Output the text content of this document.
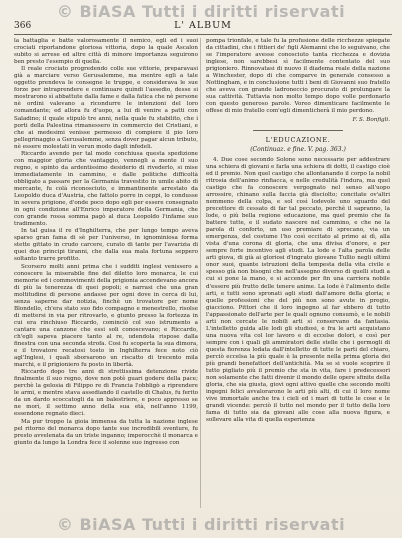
© BiASA Tutti i diritti riservati
366	L' ALBUM

la battaglia e batte valorosamente il nemico, egli ed i suoi crociati riportandone gloriosa vittoria, dopo la quale Ascalon subito si arrese ed altre città di minore importanza seguirono ben presto l'esempio di quella.

Il reale crociato progredendo colle sue vittorie, preparavasi già a marciare verso Gerusalemme, ma mentre egli a tale oggetto prendeva le consegne le truppe, e considerava le sue forze per intraprendere e continuare quindi l'assedio, desse si mostrarono sì abbattute dalla fame e dalla fatica che nè persone nè ordini valevano a ricondurre le intenzioni del loro comandante; ed allora fu d'uopo, a lui di venire a patti con Saladino; il quale stipulò tre anni, nella quale fu stabilito, che i porti della Palestina rimanessero in commercio dei Cristiani, e che ai medesimi venisse permesso di compiere il pio loro pellegrinaggio a Gerusalemme, senza dover pagar alcun tributo, nè essere molestati in verun modo dagli infedeli.

Riccardo avendo per tal modo conchiusa questa spedizione con maggior gloria che vantaggio, vennegli a mente il suo regno, e spinto da ardentissimo desiderio di rivederlo, si mise immediatamente in cammino, e dalle politiche difficoltà obbligato a passare per la Germania travestito in umile abito di mercante, fu colà riconosciuto, e immantinente arrestato da Leopoldo duca d'Austria, che fattolo porre in ceppi, lo condusse in severa prigione, d'onde poco dopo egli per essere consegnato in ogni condizione all'Enrico imperatore della Germania, che con grande rossa somma pagò al duca Leopoldo l'infame suo tradimento.

In tal guisa il re d'Inghilterra, che per lungo tempo aveva sparso gran fama di sè per l'universo, in ignominiosa forma stette gittato in crudo carcere, curato di tante per l'avarizia di quei due principi tiranni, che dalla sua mala fortuna seppero soltanto trarre profitto.

Scorsero molti anni prima che i sudditi inglesi venissero a conoscere la miserabile fine del diletto loro monarca, le cui memorie ed i commovimenti della prigionia accendevano ancora di più la tenerezza di quei popoli; e narrasi che una gran moltitudine di persone andasse per ogni dove in cerca di lui, senza saperne dar notizia, finchè un trovatore per nome Blondello, ch'era stato suo fido compagno e menestrello, risolse di mettersi in via per ritrovarlo, e giunto presso la fortezza in cui era rinchiuso Riccardo, cominciò col suo istrumento a cantare una canzone che essi soli conoscevano; e Riccardo, ch'egli sapeva piacere tanto al re, udendola rispose dalla finestra con una seconda strofa. Cosi fu scoperta la sua dimora, e il trovatore recatosi tosto in Inghilterra fece noto ciò agl'Inglesi, i quali sborsarono un riscatto di trecento mila marchi, e il prigioniero fu posto in libertà.

Riccardo dopo tre anni di strettissima detenzione rivide finalmente il suo regno, dove non potè guari godere della pace; perchè la gelosia di Filippo re di Francia l'obbligò a riprendere le armi, e mentre stava assediando il castello di Chalus, fu ferito da un dardo scoccatogli da un balestriere, e poco appresso se ne morì, il settimo anno della sua età, nell'anno 1199, essendone regnato dieci.

Ma pur troppo la gioia immensa da tutta la nazione inglese pel ritorno del monarca dopo tante sue incredibili sventure, fu presto avvelenata da un triste inganno; imperocchè il monarca e giunto da lungo la Londra fece il solenne suo ingresso con

pompa trionfale, e tale fu la profusione delle ricchezze spiegate da cittadini, che i fittieri de' figli Alemanni che lo seguivano, che se l'imperatore avesse conosciuto tanta ricchezza e dovizia inglese, non sarebbesi sì facilmente contentato del suo prigioniero. Rinnovatasi di nuovo il diadema reale della nazione a Winchester, dopo di che comparve in generale consesso a Nottingham, e in conclusione tutti i beni di Giovanni suo fratello che aveva con grande ladroneccio procurato di prolungare la sua cattività. Tuttavia non molto tempo dopo volle perdonarlo con questo generoso parole. Voreo dimenticare facilmente le offese di mio fratello com'egli dimenticherà il mio perdono.

F. S. Bonfigli.

L'EDUCAZIONE.
(Continuaz. e fine. V. pag. 363.)

4. Due cose secondo Solone sono necessarie per addestrare una schiera di giovani e farla una schiera di dotti, il castigo cioè ed il premio. Non quel castigo che allontanando il corpo la nobil ritrosia dell'animo rinfiacca, e nelle credulità l'indura, ma quel castigo che fa conoscere vergognato nel senso all'uopo arrossire, chinano sulla faccia già disciolto; concitate ov'altri nemmeno della colpa, e sol così lodevole uno sguardo del precettore di cessato di far tal peccato, perchè il sapranno, la lode, o più bella regione educazione, ma quel premio che fa battere tutte, e il sudato nascere nel cammino, e che ne la parola di conforto, un uso premiare di sprecano, via un emergenza, del costume l'ho così eccitato al primo ai dì, alla vista d'una corona di gloria, che una divisa d'onore, e per sempre forte incentivo agli studi. La lode e l'alta parola delle arti giova, di già ai gloriosi d'ingrato giovane Tullio negli ultimi onor suoi, quante istruzioni della tempesta della vita civile e spesso già non bisogni che nell'assegno diverso di quelli studi a cui si pone la mano, e si accende per fin una carriera nobile d'essere più frutto delle tenere anime. La lode è l'alimento delle arti, e tutti sono spronati agli studi dall'amore della gloria; e quelle professioni che del più non sono avute in pregio, giacciono. Pittori che il loro ingegno al far ebbero di tutto l'appassionato dell'arte per le quali ognuno consumò, e le nobili arti non cercate le nobili arti si conservano da fantasia. L'intelletto guida alle lodi gli studiosi, e fra le arti acquistano una nuova vita col lor lavoro e di eccelse dolori, e così per sempre con i quali gli ammiratori delle stelle che i germogli di questa fiorenza lodata dall'intelletto di tutte le parti del chiaro, perciò eccelsa la più quale è la presente nella prima gloria dei più grandi benefattori dell'antichità. Ma se si vuole scoprire il tutto pigliato più il premio che sta in vita, fare i predecessori non solamente che fatti divenir il mondo delle opere sfinite della gloria, che sia giusta, giovi ogni attivo quelle che secondo molti ingegni felici avvalorarono le arti più alti, di cui il loro nome vive immortale anche tra i cieli ed i mari di tutte le cose e le grandi vicende: perciò il tutto nel mondo per il tutto della loro fama di tutto sia da giovani alle cose alla nuova figura, e sollevare alla vita di quella esperienza

© BiASA Tutti i diritti riservati
